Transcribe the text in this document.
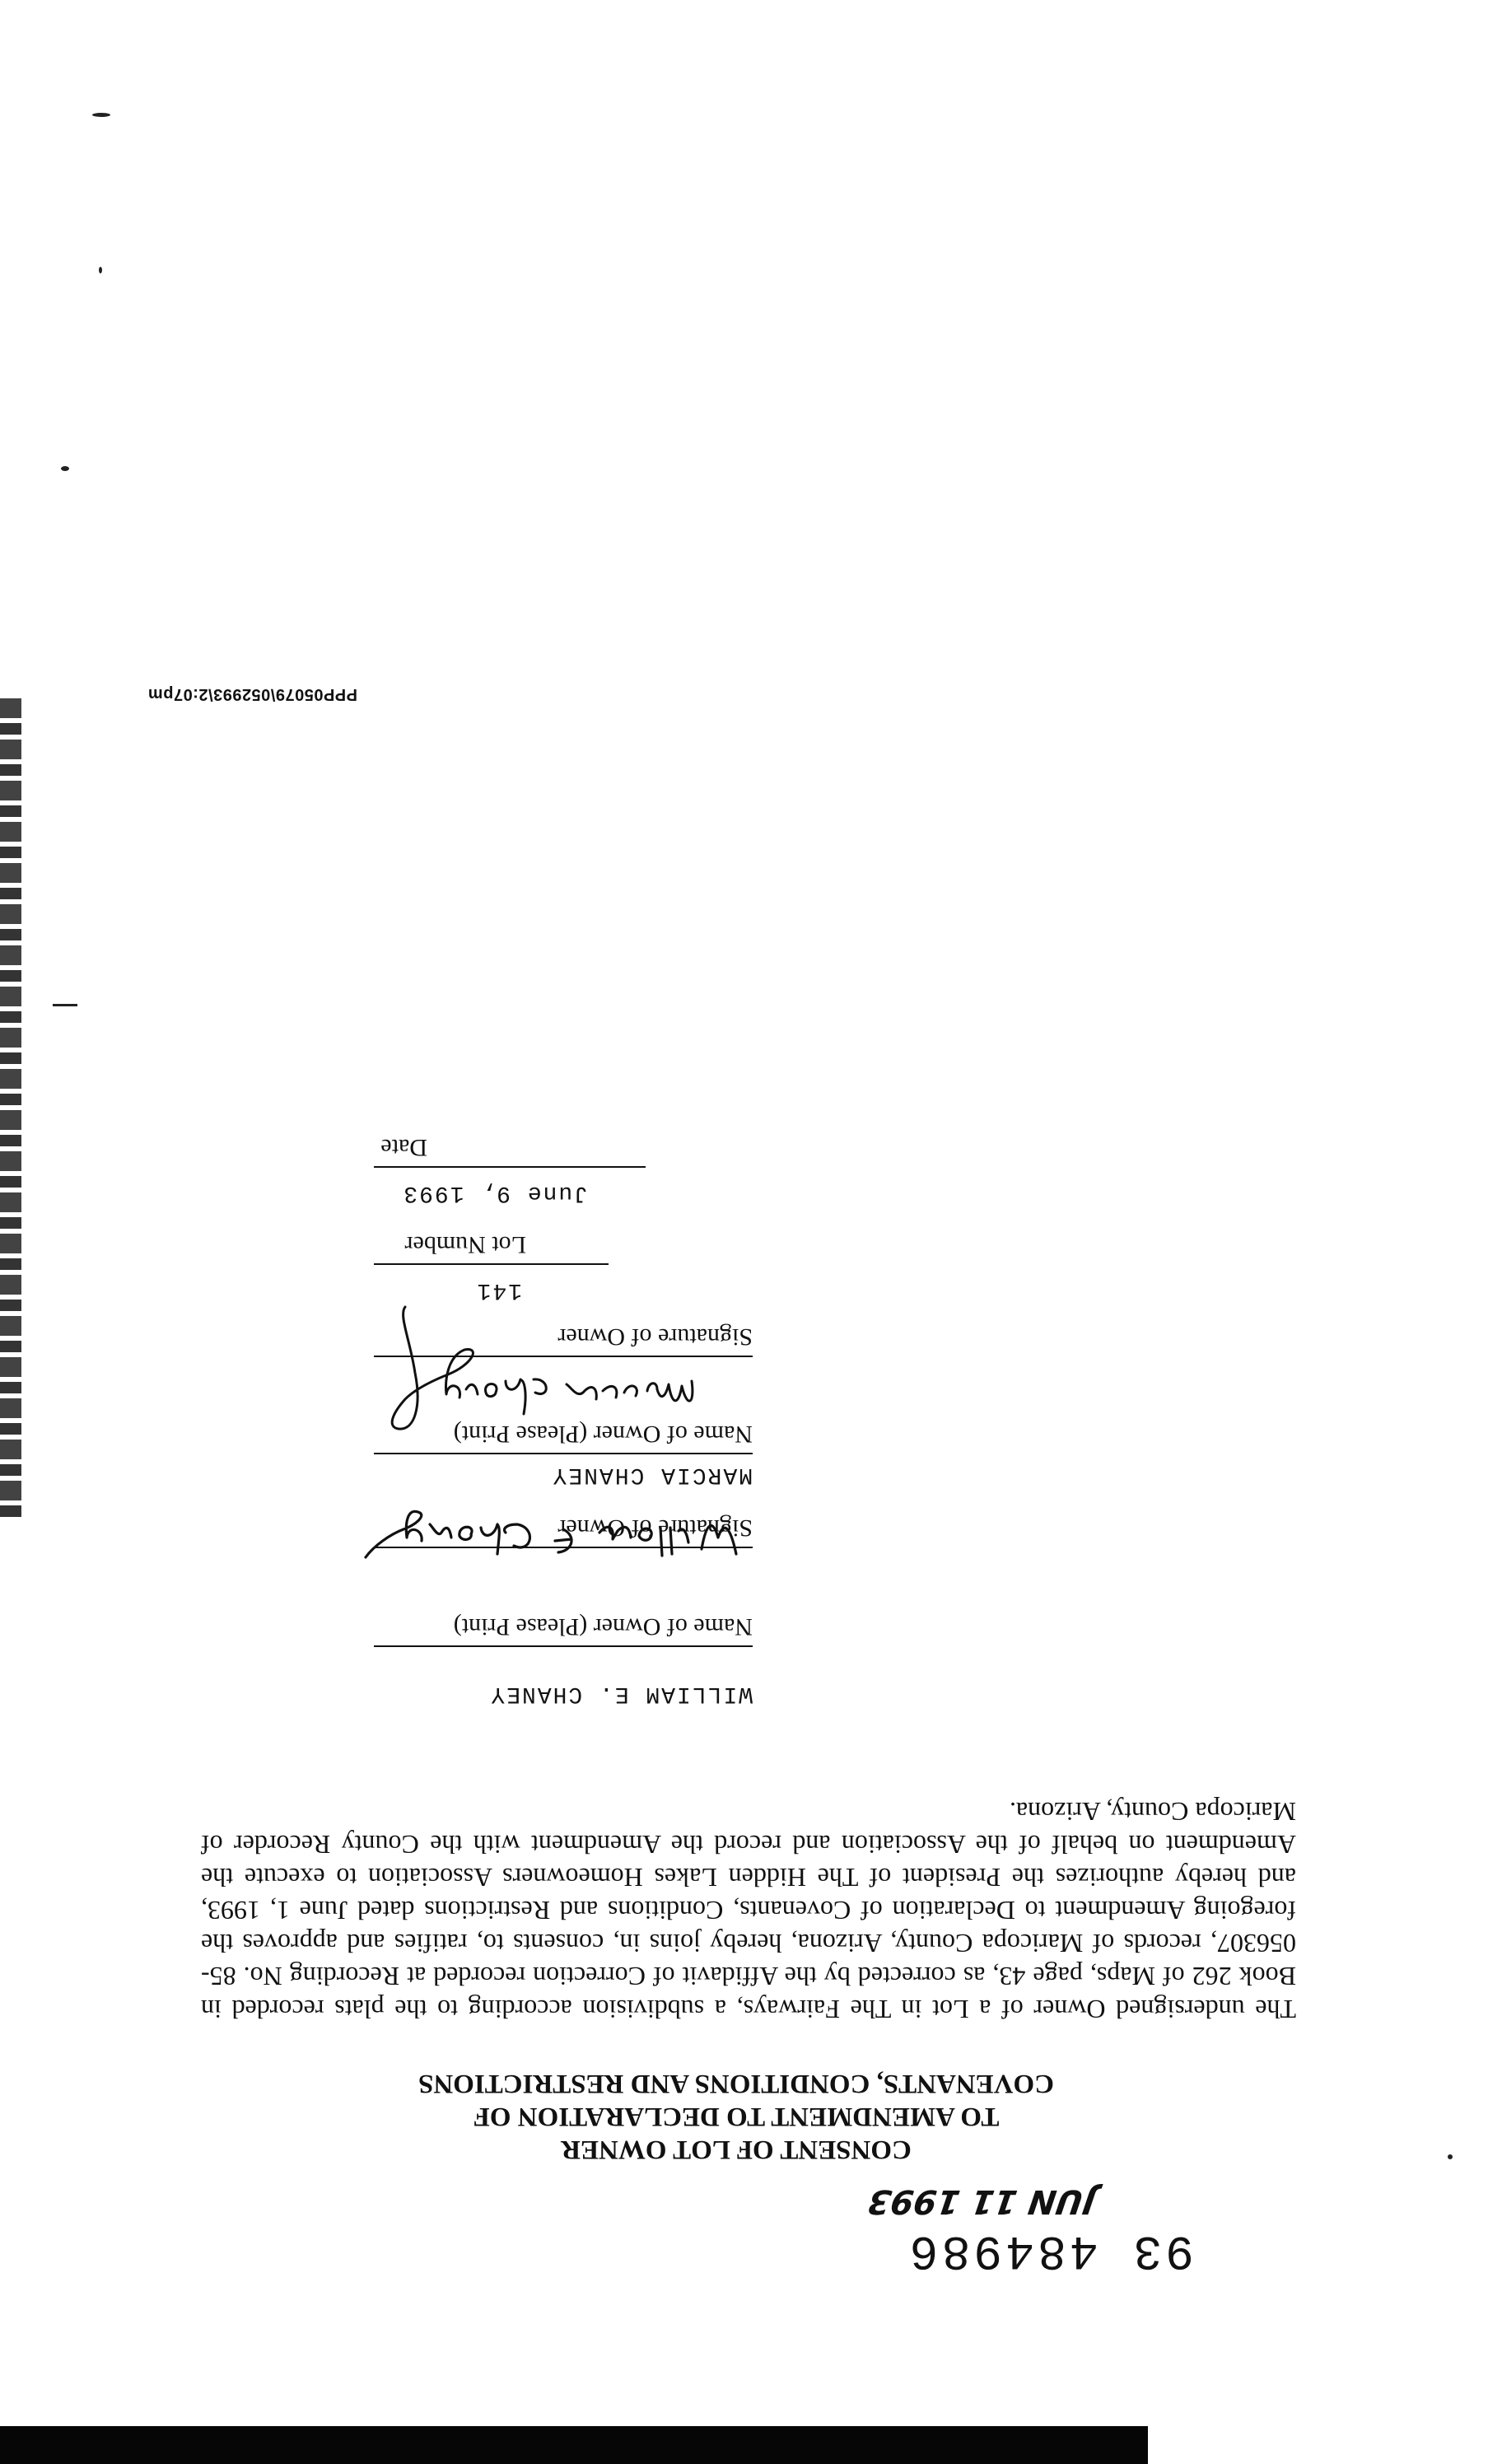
93 484986
JUN 11 1993
CONSENT OF LOT OWNER
TO AMENDMENT TO DECLARATION OF
COVENANTS, CONDITIONS AND RESTRICTIONS
The undersigned Owner of a Lot in The Fairways, a subdivision according to the plats recorded in Book 262 of Maps, page 43, as corrected by the Affidavit of Correction recorded at Recording No. 85-056307, records of Maricopa County, Arizona, hereby joins in, consents to, ratifies and approves the foregoing Amendment to Declaration of Covenants, Conditions and Restrictions dated June 1, 1993, and hereby authorizes the President of The Hidden Lakes Homeowners Association to execute the Amendment on behalf of the Association and record the Amendment with the County Recorder of Maricopa County, Arizona.
WILLIAM E. CHANEY
Name of Owner (Please Print)
Signature of Owner
MARCIA CHANEY
Name of Owner (Please Print)
Signature of Owner
141
Lot Number
June 9, 1993
Date
PPP05079\052993\2:07pm
